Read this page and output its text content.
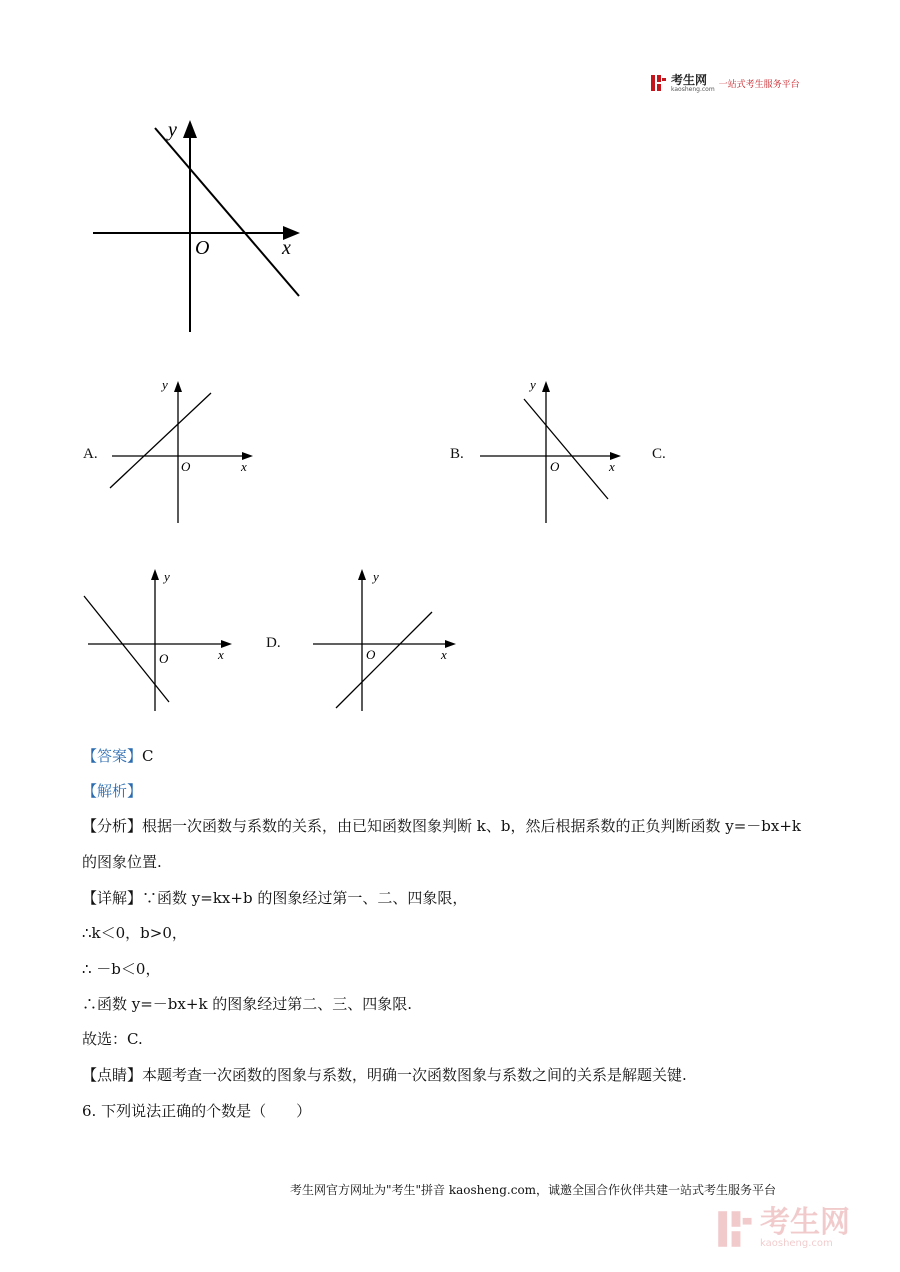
考生网
kaosheng.com 一站式考生服务平台
y
x
O
A.
y
x
O
B.
y
x
O
C.
y
x
O
D.
y
x
O
【答案】C
【解析】
【分析】根据一次函数与系数的关系，由已知函数图象判断 k、b，然后根据系数的正负判断函数 y=－bx+k
的图象位置.
【详解】∵函数 y=kx+b 的图象经过第一、二、四象限，
∴k＜0，b>0，
∴ －b＜0，
∴函数 y=－bx+k 的图象经过第二、三、四象限.
故选：C.
【点睛】本题考查一次函数的图象与系数，明确一次函数图象与系数之间的关系是解题关键.
6. 下列说法正确的个数是（　　）
考生网官方网址为"考生"拼音 kaosheng.com，诚邀全国合作伙伴共建一站式考生服务平台
考生网
kaosheng.com
